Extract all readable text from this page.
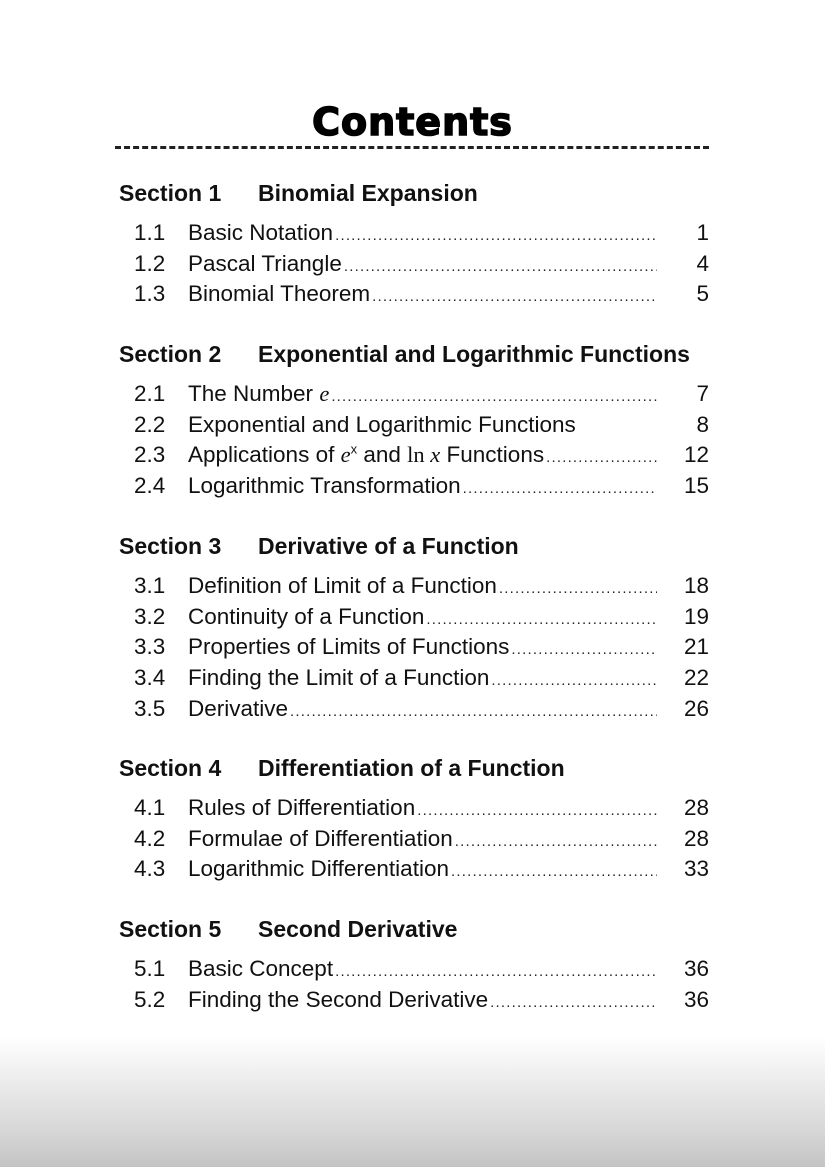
Contents
Section 1 Binomial Expansion
1.1	Basic Notation .....	1
1.2	Pascal Triangle .....	4
1.3	Binomial Theorem .....	5
Section 2 Exponential and Logarithmic Functions
2.1	The Number e .....	7
2.2	Exponential and Logarithmic Functions	8
2.3	Applications of $e^x$ and ln x Functions .....	12
2.4	Logarithmic Transformation .....	15
Section 3 Derivative of a Function
3.1	Definition of Limit of a Function .....	18
3.2	Continuity of a Function .....	19
3.3	Properties of Limits of Functions .....	21
3.4	Finding the Limit of a Function .....	22
3.5	Derivative .....	26
Section 4 Differentiation of a Function
4.1	Rules of Differentiation .....	28
4.2	Formulae of Differentiation .....	28
4.3	Logarithmic Differentiation .....	33
Section 5 Second Derivative
5.1	Basic Concept .....	36
5.2	Finding the Second Derivative .....	36
